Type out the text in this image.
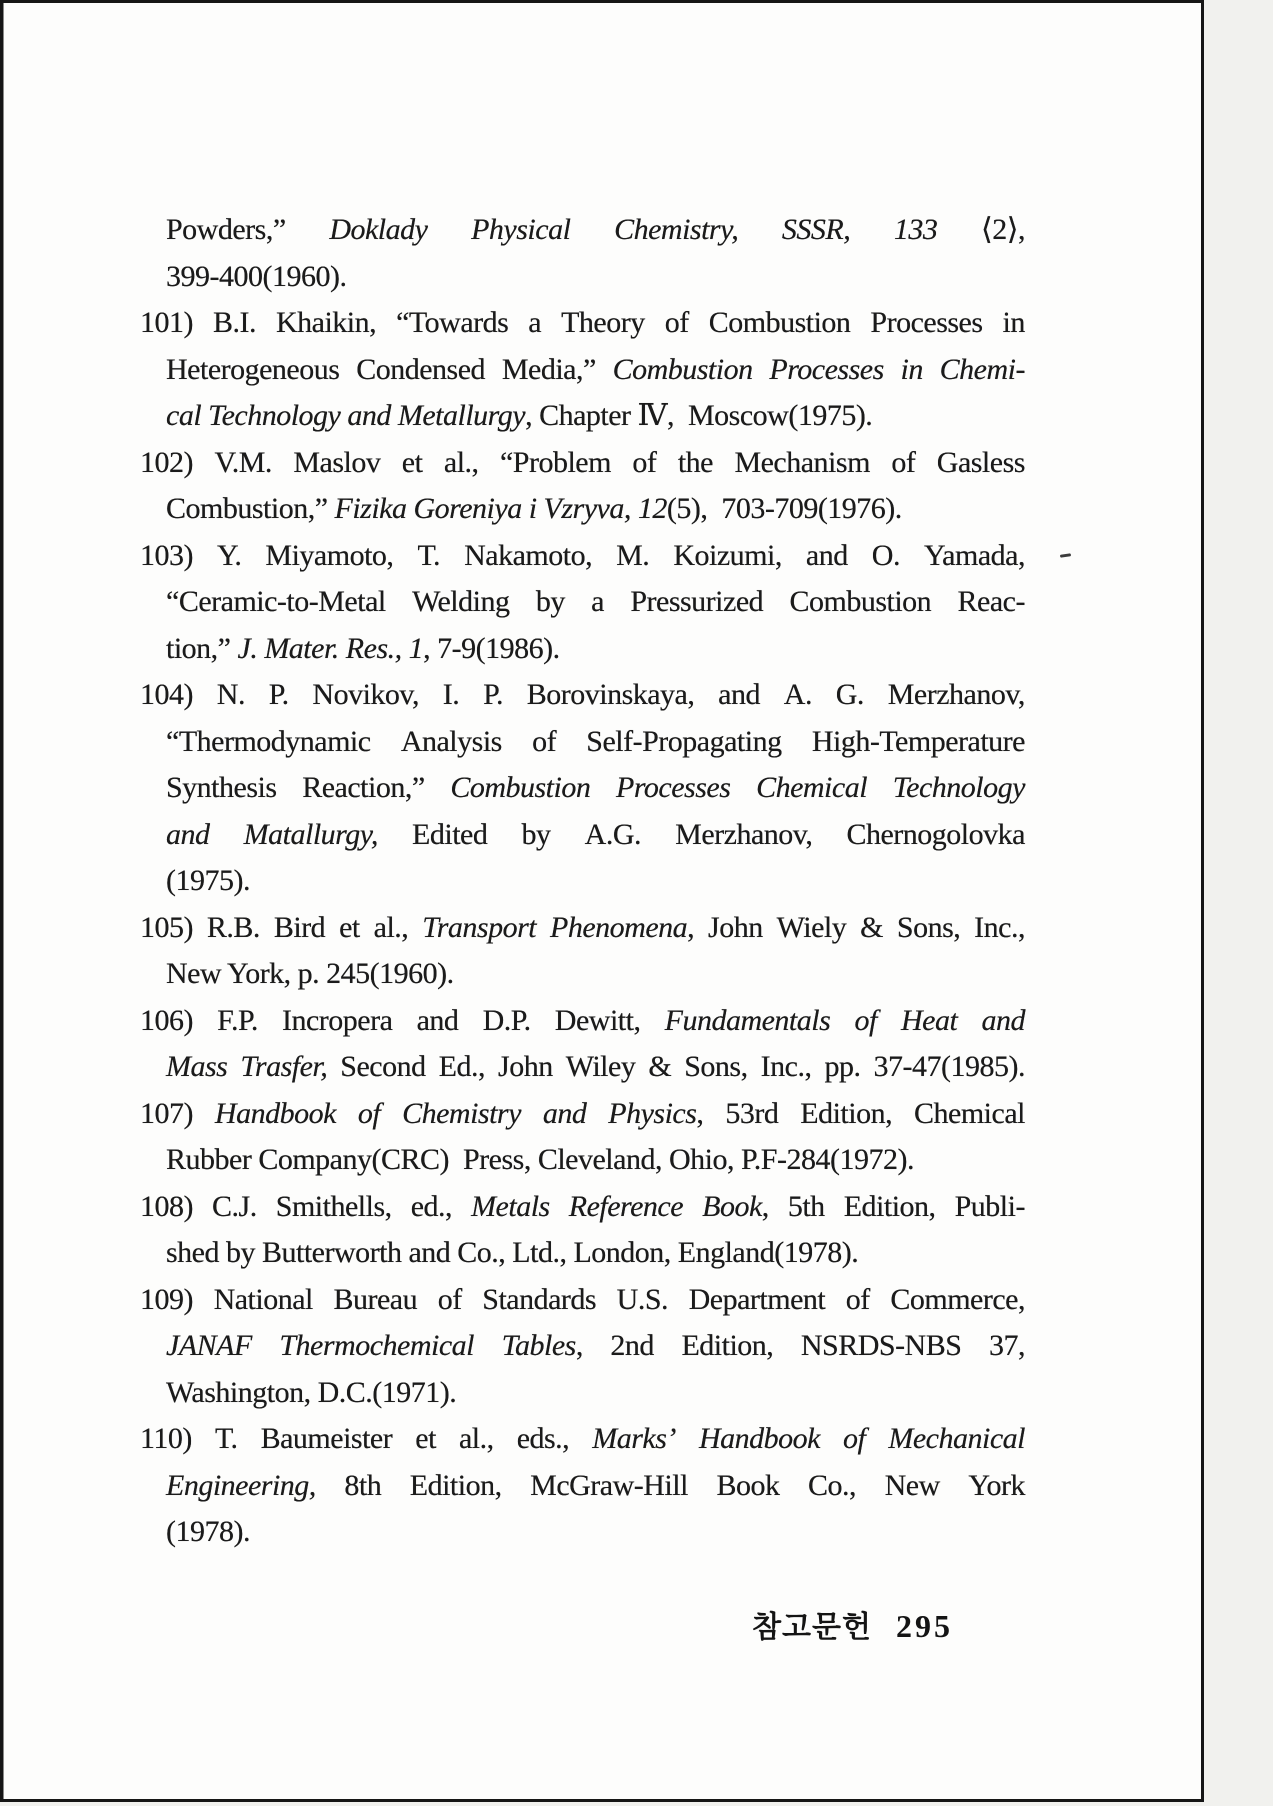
Powders,” Doklady Physical Chemistry, SSSR, 133 ⟨2⟩,
399-400(1960).
101) B.I. Khaikin, “Towards a Theory of Combustion Processes in
Heterogeneous Condensed Media,” Combustion Processes in Chemi-
cal Technology and Metallurgy, Chapter Ⅳ,  Moscow(1975).
102) V.M. Maslov et al., “Problem of the Mechanism of Gasless
Combustion,” Fizika Goreniya i Vzryva, 12(5),  703-709(1976).
103) Y. Miyamoto, T. Nakamoto, M. Koizumi, and O. Yamada,
“Ceramic-to-Metal Welding by a Pressurized Combustion Reac-
tion,” J. Mater. Res., 1, 7-9(1986).
104) N. P. Novikov, I. P. Borovinskaya, and A. G. Merzhanov,
“Thermodynamic Analysis of Self-Propagating High-Temperature
Synthesis Reaction,” Combustion Processes Chemical Technology
and Matallurgy, Edited by A.G. Merzhanov, Chernogolovka
(1975).
105) R.B. Bird et al., Transport Phenomena, John Wiely & Sons, Inc.,
New York, p. 245(1960).
106) F.P. Incropera and D.P. Dewitt, Fundamentals of Heat and
Mass Trasfer, Second Ed., John Wiley & Sons, Inc., pp. 37-47(1985).
107) Handbook of Chemistry and Physics, 53rd Edition, Chemical
Rubber Company(CRC)  Press, Cleveland, Ohio, P.F-284(1972).
108) C.J. Smithells, ed., Metals Reference Book, 5th Edition, Publi-
shed by Butterworth and Co., Ltd., London, England(1978).
109) National Bureau of Standards U.S. Department of Commerce,
JANAF Thermochemical Tables, 2nd Edition, NSRDS-NBS 37,
Washington, D.C.(1971).
110) T. Baumeister et al., eds., Marks’ Handbook of Mechanical
Engineering, 8th Edition, McGraw-Hill Book Co., New York
(1978).
참고문헌 295
